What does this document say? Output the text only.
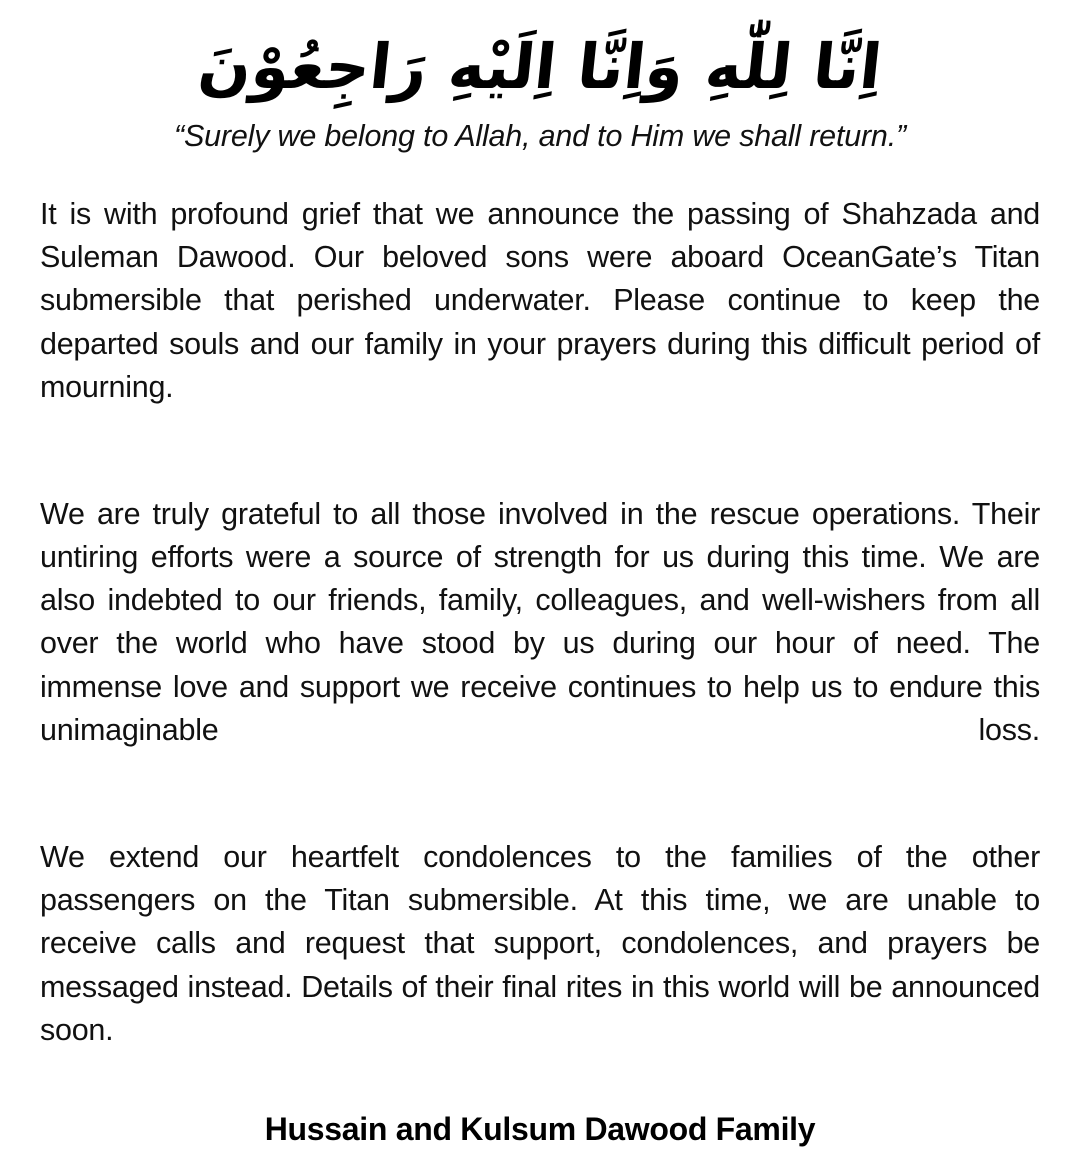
اِنَّا لِلّٰهِ وَاِنَّا اِلَيْهِ رَاجِعُوْنَ

“Surely we belong to Allah, and to Him we shall return.”

It is with profound grief that we announce the passing of Shahzada and Suleman Dawood. Our beloved sons were aboard OceanGate’s Titan submersible that perished underwater. Please continue to keep the departed souls and our family in your prayers during this difficult period of mourning.

We are truly grateful to all those involved in the rescue operations. Their untiring efforts were a source of strength for us during this time. We are also indebted to our friends, family, colleagues, and well-wishers from all over the world who have stood by us during our hour of need. The immense love and support we receive continues to help us to endure this unimaginable loss.

We extend our heartfelt condolences to the families of the other passengers on the Titan submersible. At this time, we are unable to receive calls and request that support, condolences, and prayers be messaged instead. Details of their final rites in this world will be announced soon.

Hussain and Kulsum Dawood Family
